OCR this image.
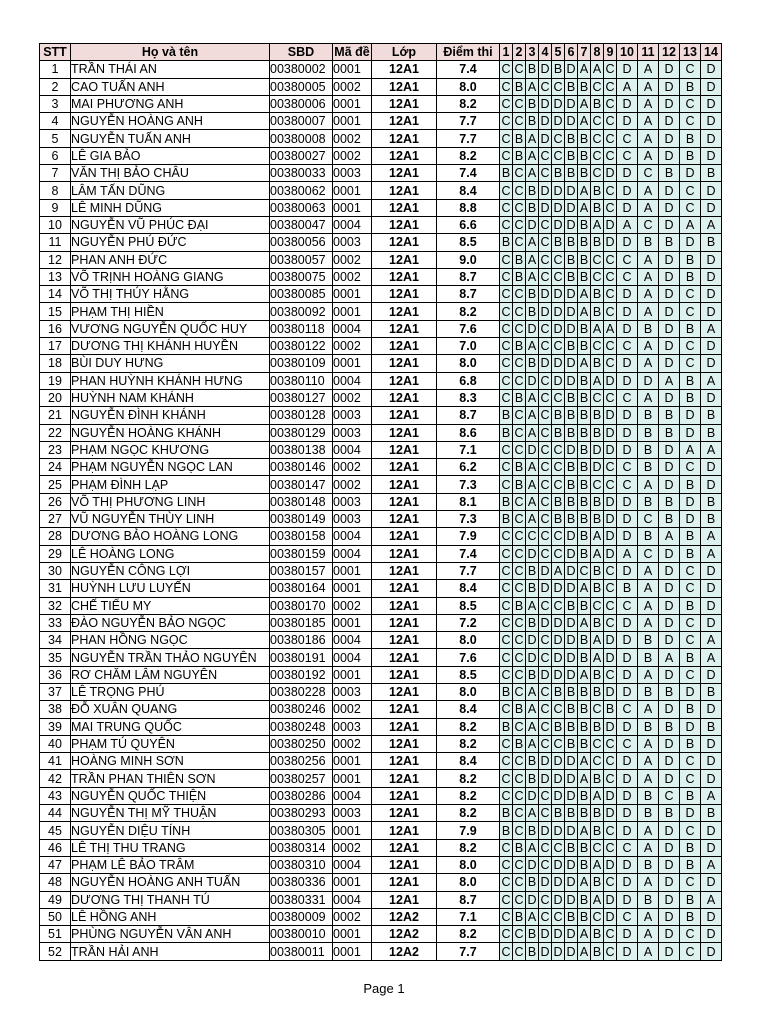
STT	Họ và tên	SBD	Mã đề	Lớp	Điểm thi	1	2	3	4	5	6	7	8	9	10	11	12	13	14
1	TRẦN THÁI AN	00380002	0001	12A1	7.4	C	C	B	D	B	D	A	A	C	D	A	D	C	D
2	CAO TUẤN ANH	00380005	0002	12A1	8.0	C	B	A	C	C	B	B	C	C	A	A	D	B	D
3	MAI PHƯƠNG ANH	00380006	0001	12A1	8.2	C	C	B	D	D	D	A	B	C	D	A	D	C	D
4	NGUYỄN HOÀNG ANH	00380007	0001	12A1	7.7	C	C	B	D	D	D	A	C	C	D	A	D	C	D
5	NGUYỄN TUẤN ANH	00380008	0002	12A1	7.7	C	B	A	D	C	B	B	C	C	C	A	D	B	D
6	LÊ GIA BẢO	00380027	0002	12A1	8.2	C	B	A	C	C	B	B	C	C	C	A	D	B	D
7	VĂN THỊ BẢO CHÂU	00380033	0003	12A1	7.4	B	C	A	C	B	B	B	C	D	D	C	B	D	B
8	LÂM TẤN DŨNG	00380062	0001	12A1	8.4	C	C	B	D	D	D	A	B	C	D	A	D	C	D
9	LÊ MINH DŨNG	00380063	0001	12A1	8.8	C	C	B	D	D	D	A	B	C	D	A	D	C	D
10	NGUYỄN VŨ PHÚC ĐẠI	00380047	0004	12A1	6.6	C	C	D	C	D	D	B	A	D	A	C	D	A	A
11	NGUYỄN PHÚ ĐỨC	00380056	0003	12A1	8.5	B	C	A	C	B	B	B	B	D	D	B	B	D	B
12	PHAN ANH ĐỨC	00380057	0002	12A1	9.0	C	B	A	C	C	B	B	C	C	C	A	D	B	D
13	VÕ TRỊNH HOÀNG GIANG	00380075	0002	12A1	8.7	C	B	A	C	C	B	B	C	C	C	A	D	B	D
14	VÕ THỊ THÚY HẰNG	00380085	0001	12A1	8.7	C	C	B	D	D	D	A	B	C	D	A	D	C	D
15	PHẠM THỊ HIỀN	00380092	0001	12A1	8.2	C	C	B	D	D	D	A	B	C	D	A	D	C	D
16	VƯƠNG NGUYỄN QUỐC HUY	00380118	0004	12A1	7.6	C	C	D	C	D	D	B	A	A	D	B	D	B	A
17	DƯƠNG THỊ KHÁNH HUYỀN	00380122	0002	12A1	7.0	C	B	A	C	C	B	B	C	C	C	A	D	C	D
18	BÙI DUY HƯNG	00380109	0001	12A1	8.0	C	C	B	D	D	D	A	B	C	D	A	D	C	D
19	PHAN HUỲNH KHÁNH HƯNG	00380110	0004	12A1	6.8	C	C	D	C	D	D	B	A	D	D	D	A	B	A
20	HUỲNH NAM KHÁNH	00380127	0002	12A1	8.3	C	B	A	C	C	B	B	C	C	C	A	D	B	D
21	NGUYỄN ĐÌNH KHÁNH	00380128	0003	12A1	8.7	B	C	A	C	B	B	B	B	D	D	B	B	D	B
22	NGUYỄN HOÀNG KHÁNH	00380129	0003	12A1	8.6	B	C	A	C	B	B	B	B	D	D	B	B	D	B
23	PHẠM NGỌC KHƯƠNG	00380138	0004	12A1	7.1	C	C	D	C	C	D	B	D	D	D	B	D	A	A
24	PHẠM NGUYỄN NGỌC LAN	00380146	0002	12A1	6.2	C	B	A	C	C	B	B	D	C	C	B	D	C	D
25	PHẠM ĐÌNH LẠP	00380147	0002	12A1	7.3	C	B	A	C	C	B	B	C	C	C	A	D	B	D
26	VÕ THỊ PHƯƠNG LINH	00380148	0003	12A1	8.1	B	C	A	C	B	B	B	B	D	D	B	B	D	B
27	VŨ NGUYỄN THÙY LINH	00380149	0003	12A1	7.3	B	C	A	C	B	B	B	B	D	D	C	B	D	B
28	DƯƠNG BẢO HOÀNG LONG	00380158	0004	12A1	7.9	C	C	C	C	C	D	B	A	D	D	B	A	B	A
29	LÊ HOÀNG LONG	00380159	0004	12A1	7.4	C	C	D	C	C	D	B	A	D	A	C	D	B	A
30	NGUYỄN CÔNG LỢI	00380157	0001	12A1	7.7	C	C	B	D	A	D	C	B	C	D	A	D	C	D
31	HUỲNH LƯU LUYẾN	00380164	0001	12A1	8.4	C	C	B	D	D	D	A	B	C	B	A	D	C	D
32	CHẾ TIỂU MY	00380170	0002	12A1	8.5	C	B	A	C	C	B	B	C	C	C	A	D	B	D
33	ĐÀO NGUYỄN BẢO NGỌC	00380185	0001	12A1	7.2	C	C	B	D	D	D	A	B	C	D	A	D	C	D
34	PHAN HỒNG NGỌC	00380186	0004	12A1	8.0	C	C	D	C	D	D	B	A	D	D	B	D	C	A
35	NGUYỄN TRẦN THẢO NGUYÊN	00380191	0004	12A1	7.6	C	C	D	C	D	D	B	A	D	D	B	A	B	A
36	RƠ CHĂM LÂM NGUYÊN	00380192	0001	12A1	8.5	C	C	B	D	D	D	A	B	C	D	A	D	C	D
37	LÊ TRỌNG PHÚ	00380228	0003	12A1	8.0	B	C	A	C	B	B	B	B	D	D	B	B	D	B
38	ĐỖ XUÂN QUANG	00380246	0002	12A1	8.4	C	B	A	C	C	B	B	C	B	C	A	D	B	D
39	MAI TRUNG QUỐC	00380248	0003	12A1	8.2	B	C	A	C	B	B	B	B	D	D	B	B	D	B
40	PHẠM TÚ QUYÊN	00380250	0002	12A1	8.2	C	B	A	C	C	B	B	C	C	C	A	D	B	D
41	HOÀNG MINH SƠN	00380256	0001	12A1	8.4	C	C	B	D	D	D	A	C	C	D	A	D	C	D
42	TRẦN PHAN THIÊN SƠN	00380257	0001	12A1	8.2	C	C	B	D	D	D	A	B	C	D	A	D	C	D
43	NGUYỄN QUỐC THIỆN	00380286	0004	12A1	8.2	C	C	D	C	D	D	B	A	D	D	B	C	B	A
44	NGUYỄN THỊ MỸ THUẬN	00380293	0003	12A1	8.2	B	C	A	C	B	B	B	B	D	D	B	B	D	B
45	NGUYỄN DIỆU TÍNH	00380305	0001	12A1	7.9	B	C	B	D	D	D	A	B	C	D	A	D	C	D
46	LÊ THỊ THU TRANG	00380314	0002	12A1	8.2	C	B	A	C	C	B	B	C	C	C	A	D	B	D
47	PHẠM LÊ BẢO TRÂM	00380310	0004	12A1	8.0	C	C	D	C	D	D	B	A	D	D	B	D	B	A
48	NGUYỄN HOÀNG ANH TUẤN	00380336	0001	12A1	8.0	C	C	B	D	D	D	A	B	C	D	A	D	C	D
49	DƯƠNG THỊ THANH TÚ	00380331	0004	12A1	8.7	C	C	D	C	D	D	B	A	D	D	B	D	B	A
50	LÊ HỒNG ANH	00380009	0002	12A2	7.1	C	B	A	C	C	B	B	C	D	C	A	D	B	D
51	PHÙNG NGUYỄN VÂN ANH	00380010	0001	12A2	8.2	C	C	B	D	D	D	A	B	C	D	A	D	C	D
52	TRẦN HẢI ANH	00380011	0001	12A2	7.7	C	C	B	D	D	D	A	B	C	D	A	D	C	D
Page 1
